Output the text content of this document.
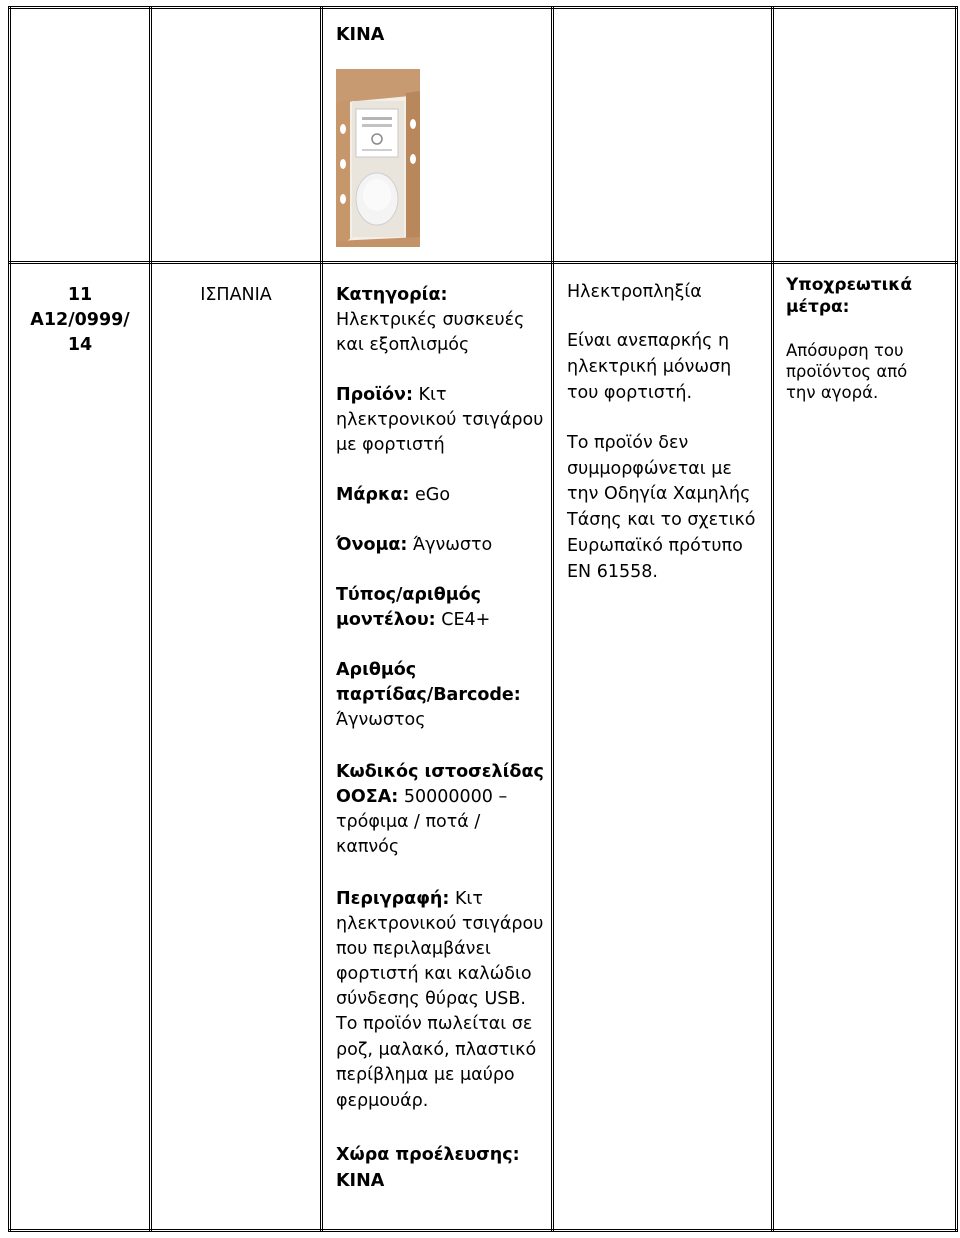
ΚΙΝΑ
11
A12/0999/
14
ΙΣΠΑΝΙΑ	Κατηγορία:
Ηλεκτρικές συσκευές
και εξοπλισμός
Προϊόν: Κιτ
ηλεκτρονικού τσιγάρου
με φορτιστή
Μάρκα: eGo
Όνομα: Άγνωστο
Τύπος/αριθμός
μοντέλου: CE4+
Αριθμός
παρτίδας/Barcode:
Άγνωστος
Κωδικός ιστοσελίδας
ΟΟΣΑ: 50000000 –
τρόφιμα / ποτά /
καπνός
Περιγραφή: Κιτ
ηλεκτρονικού τσιγάρου
που περιλαμβάνει
φορτιστή και καλώδιο
σύνδεσης θύρας USB.
Το προϊόν πωλείται σε
ροζ, μαλακό, πλαστικό
περίβλημα με μαύρο
φερμουάρ.
Χώρα προέλευσης:
ΚΙΝΑ
Ηλεκτροπληξία
Είναι ανεπαρκής η
ηλεκτρική μόνωση
του φορτιστή.
Το προϊόν δεν
συμμορφώνεται με
την Οδηγία Χαμηλής
Τάσης και το σχετικό
Ευρωπαϊκό πρότυπο
EN 61558.
Υποχρεωτικά
μέτρα:
Απόσυρση του
προϊόντος από
την αγορά.
